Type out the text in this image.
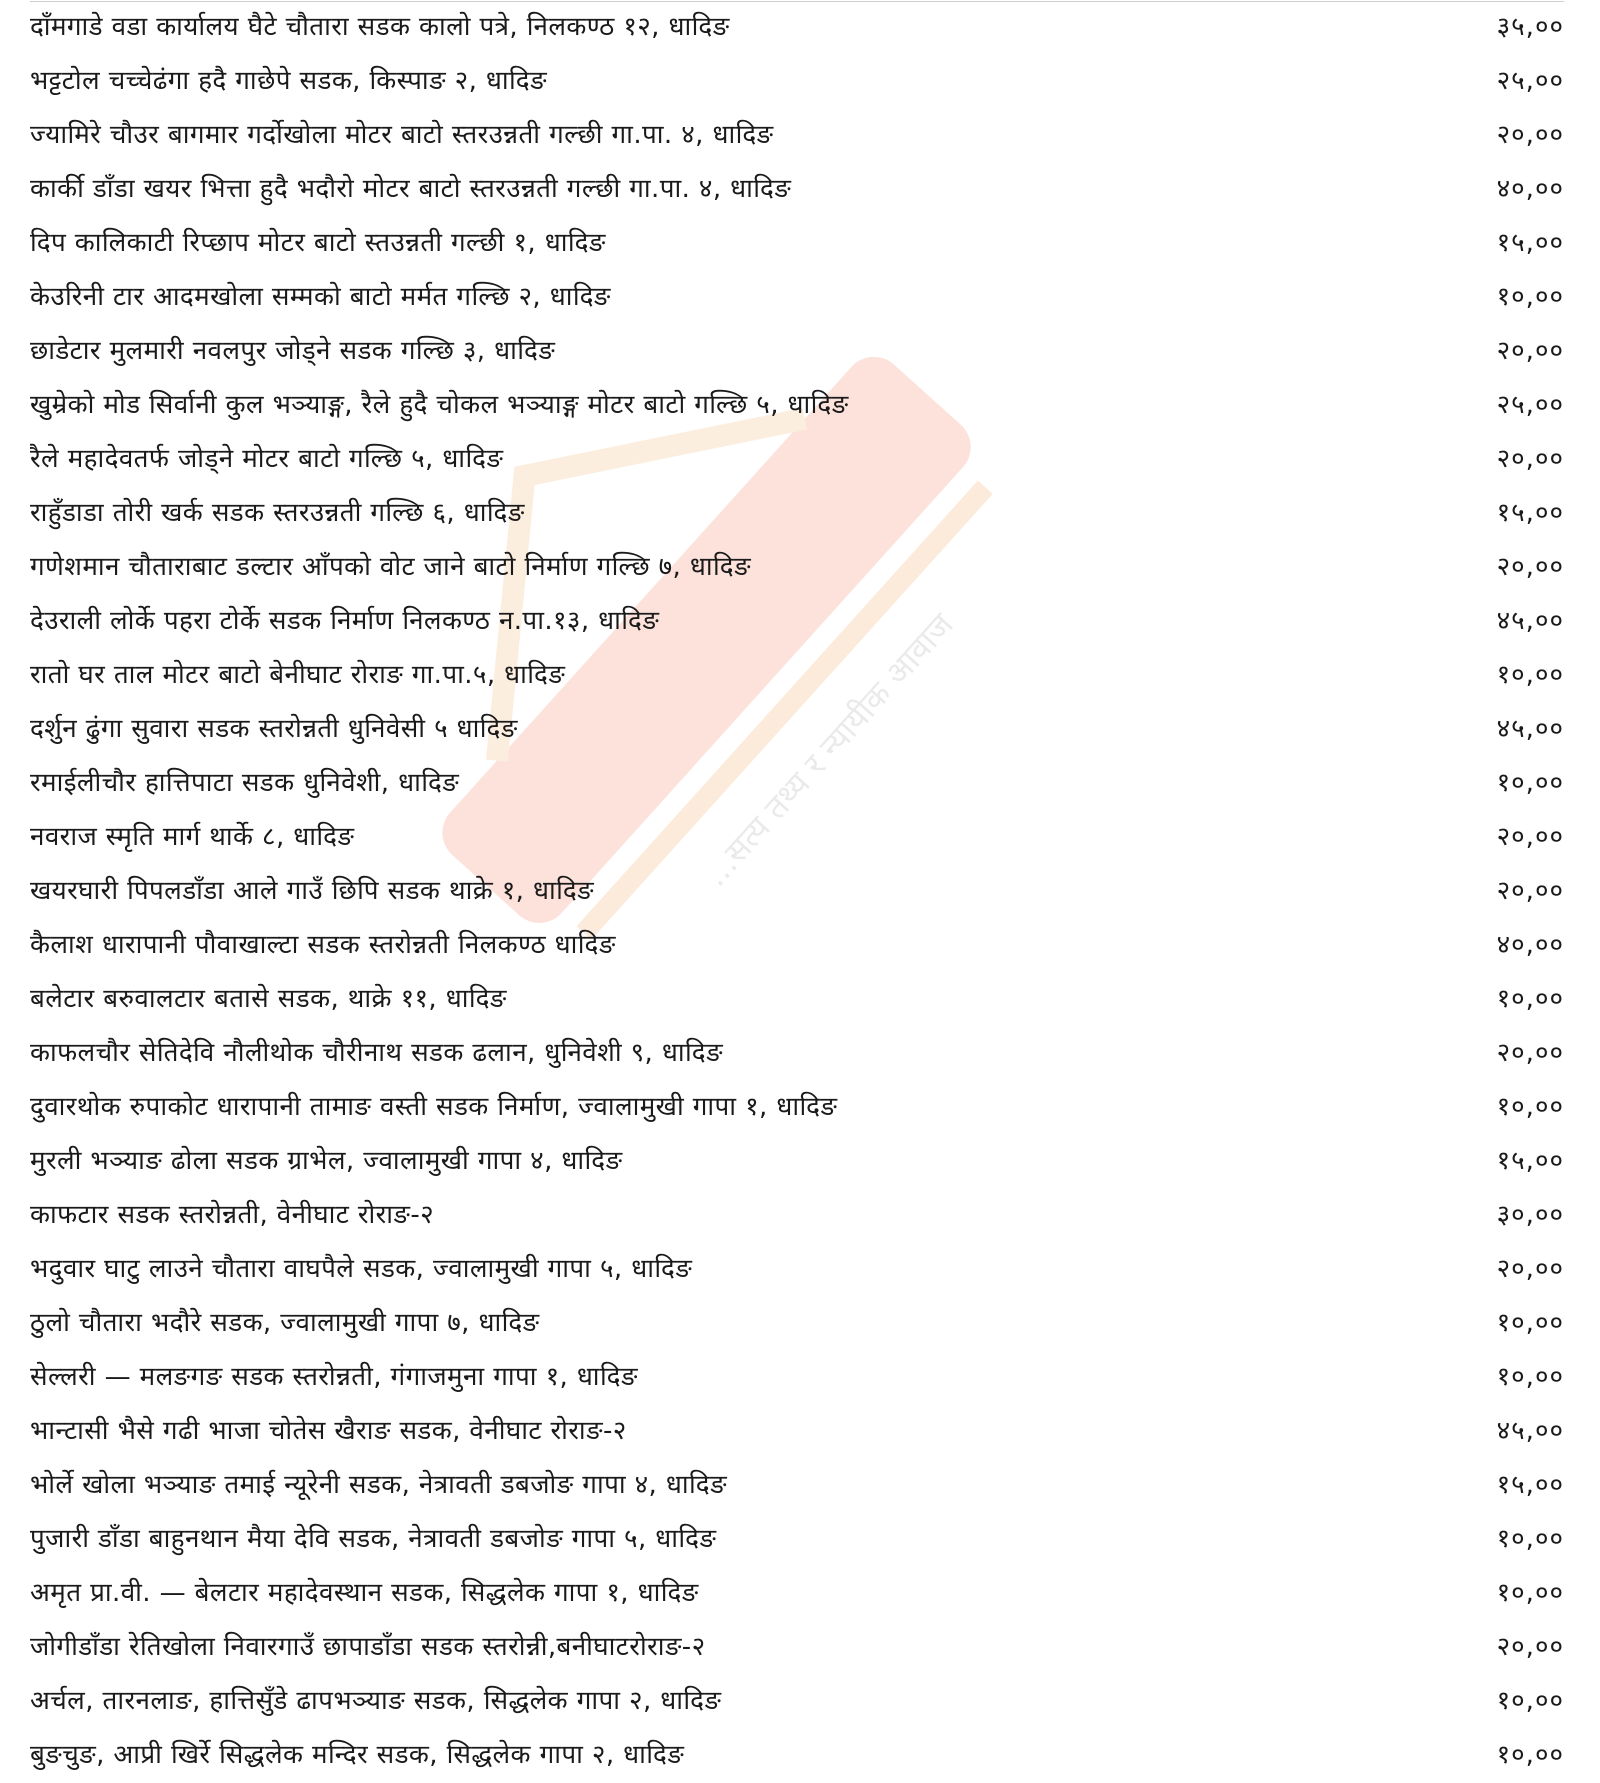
...सत्य तथ्य र न्यायीक आवाज
दाँमगाडे वडा कार्यालय घैटे चौतारा सडक कालो पत्रे, निलकण्ठ १२, धादिङ	३५,००
भट्टटोल चच्चेढंगा हदै गाछेपे सडक, किस्पाङ २, धादिङ	२५,००
ज्यामिरे चौउर बागमार गर्दोखोला मोटर बाटो स्तरउन्नती गल्छी गा.पा. ४, धादिङ	२०,००
कार्की डाँडा खयर भित्ता हुदै भदौरो मोटर बाटो स्तरउन्नती गल्छी गा.पा. ४, धादिङ	४०,००
दिप कालिकाटी रिप्छाप मोटर बाटो स्तउन्नती गल्छी १, धादिङ	१५,००
केउरिनी टार आदमखोला सम्मको बाटो मर्मत गल्छि २, धादिङ	१०,००
छाडेटार मुलमारी नवलपुर जोड्ने सडक गल्छि ३, धादिङ	२०,००
खुम्रेको मोड सिर्वानी कुल भञ्याङ्ग, रैले हुदै चोकल भञ्याङ्ग मोटर बाटो गल्छि ५, धादिङ	२५,००
रैले महादेवतर्फ जोड्ने मोटर बाटो गल्छि ५, धादिङ	२०,००
राहुँडाडा तोरी खर्क सडक स्तरउन्नती गल्छि ६, धादिङ	१५,००
गणेशमान चौताराबाट डल्टार आँपको वोट जाने बाटो निर्माण गल्छि ७, धादिङ	२०,००
देउराली लोर्के पहरा टोर्के सडक निर्माण निलकण्ठ न.पा.१३, धादिङ	४५,००
रातो घर ताल मोटर बाटो बेनीघाट रोराङ गा.पा.५, धादिङ	१०,००
दर्शुन ढुंगा सुवारा सडक स्तरोन्नती धुनिवेसी ५ धादिङ	४५,००
रमाईलीचौर हात्तिपाटा सडक धुनिवेशी, धादिङ	१०,००
नवराज स्मृति मार्ग थार्के ८, धादिङ	२०,००
खयरघारी पिपलडाँडा आले गाउँ छिपि सडक थाक्रे १, धादिङ	२०,००
कैलाश धारापानी पौवाखाल्टा सडक स्तरोन्नती निलकण्ठ धादिङ	४०,००
बलेटार बरुवालटार बतासे सडक, थाक्रे ११, धादिङ	१०,००
काफलचौर सेतिदेवि नौलीथोक चौरीनाथ सडक ढलान, धुनिवेशी ९, धादिङ	२०,००
दुवारथोक रुपाकोट धारापानी तामाङ वस्ती सडक निर्माण, ज्वालामुखी गापा १, धादिङ	१०,००
मुरली भञ्याङ ढोला सडक ग्राभेल, ज्वालामुखी गापा ४, धादिङ	१५,००
काफटार सडक स्तरोन्नती, वेनीघाट रोराङ-२	३०,००
भदुवार घाटु लाउने चौतारा वाघपैले सडक, ज्वालामुखी गापा ५, धादिङ	२०,००
ठुलो चौतारा भदौरे सडक, ज्वालामुखी गापा ७, धादिङ	१०,००
सेल्लरी — मलङगङ सडक स्तरोन्नती, गंगाजमुना गापा १, धादिङ	१०,००
भान्टासी भैसे गढी भाजा चोतेस खैराङ सडक, वेनीघाट रोराङ-२	४५,००
भोर्ले खोला भञ्याङ तमाई न्यूरेनी सडक, नेत्रावती डबजोङ गापा ४, धादिङ	१५,००
पुजारी डाँडा बाहुनथान मैया देवि सडक, नेत्रावती डबजोङ गापा ५, धादिङ	१०,००
अमृत प्रा.वी. — बेलटार महादेवस्थान सडक, सिद्धलेक गापा १, धादिङ	१०,००
जोगीडाँडा रेतिखोला निवारगाउँ छापाडाँडा सडक स्तरोन्नी,बनीघाटरोराङ-२	२०,००
अर्चल, तारनलाङ, हात्तिसुँडे ढापभञ्याङ सडक, सिद्धलेक गापा २, धादिङ	१०,००
बुङचुङ, आप्री खिर्रे सिद्धलेक मन्दिर सडक, सिद्धलेक गापा २, धादिङ	१०,००
